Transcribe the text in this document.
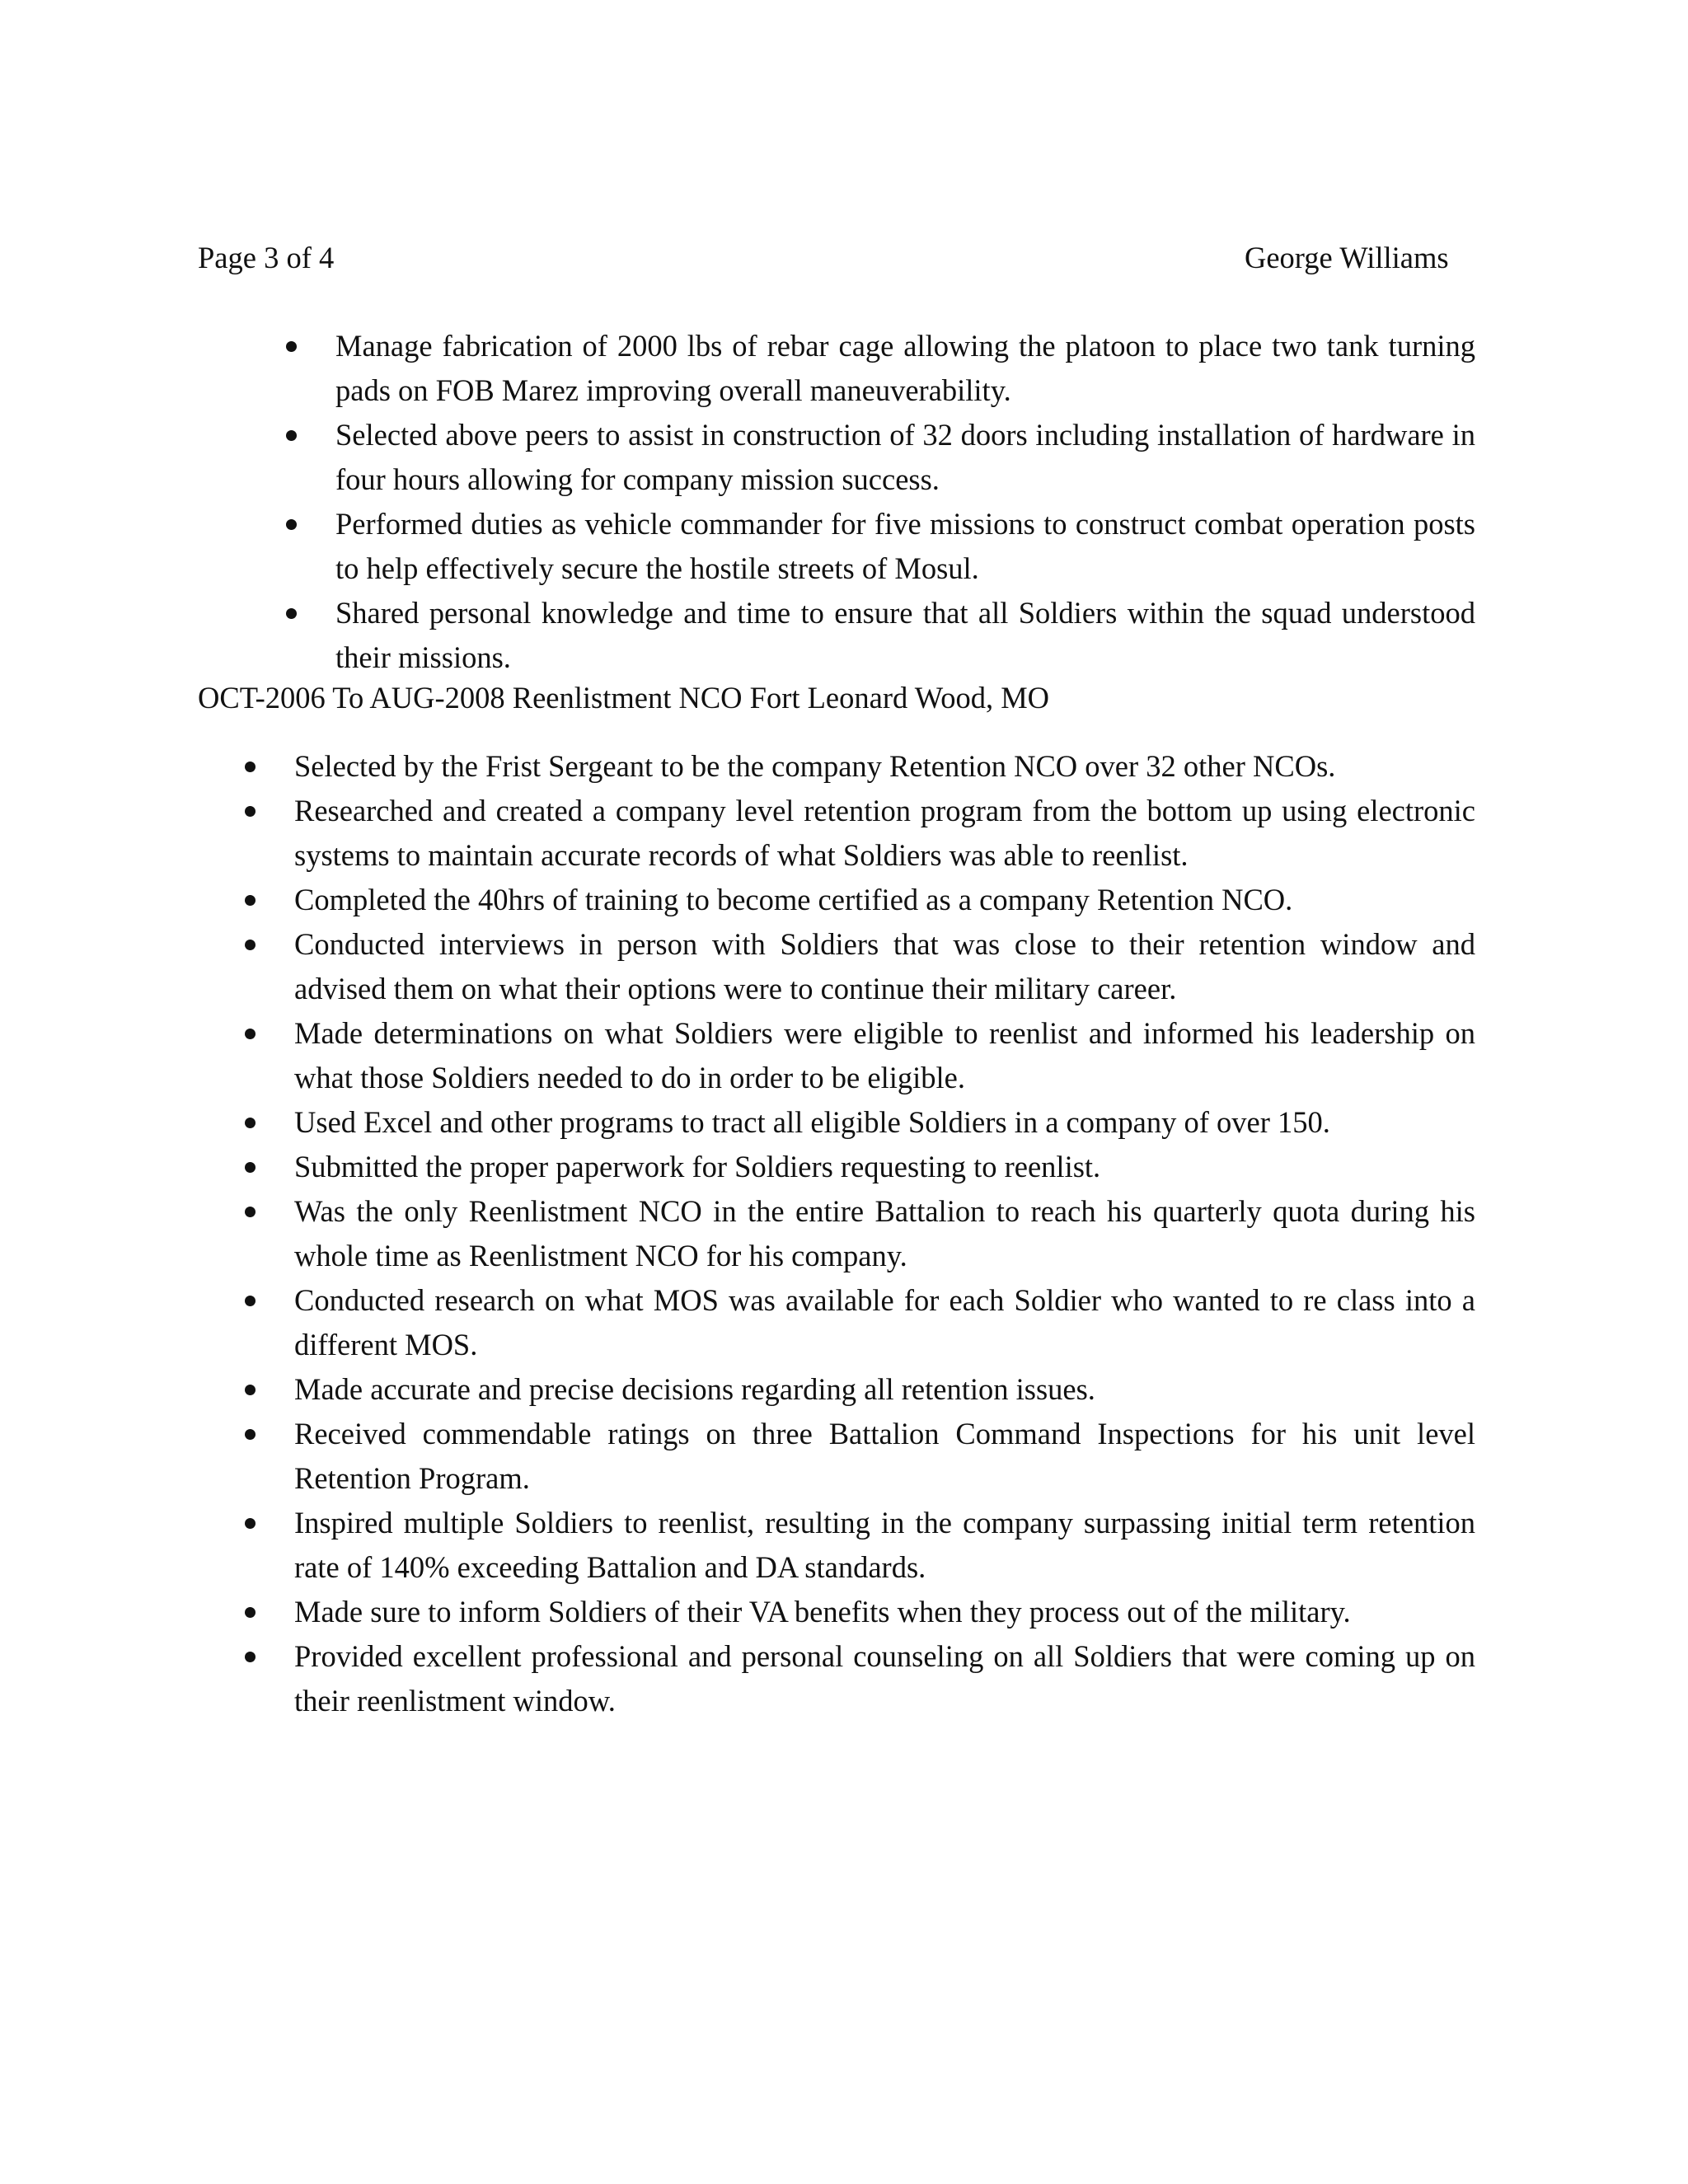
Page 3 of 4	George Williams
Manage fabrication of 2000 lbs of rebar cage allowing the platoon to place two tank turning pads on FOB Marez improving overall maneuverability.
Selected above peers to assist in construction of 32 doors including installation of hardware in four hours allowing for company mission success.
Performed duties as vehicle commander for five missions to construct combat operation posts to help effectively secure the hostile streets of Mosul.
Shared personal knowledge and time to ensure that all Soldiers within the squad understood their missions.
OCT-2006 To AUG-2008 Reenlistment NCO Fort Leonard Wood, MO
Selected by the Frist Sergeant to be the company Retention NCO over 32 other NCOs.
Researched and created a company level retention program from the bottom up using electronic systems to maintain accurate records of what Soldiers was able to reenlist.
Completed the 40hrs of training to become certified as a company Retention NCO.
Conducted interviews in person with Soldiers that was close to their retention window and advised them on what their options were to continue their military career.
Made determinations on what Soldiers were eligible to reenlist and informed his leadership on what those Soldiers needed to do in order to be eligible.
Used Excel and other programs to tract all eligible Soldiers in a company of over 150.
Submitted the proper paperwork for Soldiers requesting to reenlist.
Was the only Reenlistment NCO in the entire Battalion to reach his quarterly quota during his whole time as Reenlistment NCO for his company.
Conducted research on what MOS was available for each Soldier who wanted to re class into a different MOS.
Made accurate and precise decisions regarding all retention issues.
Received commendable ratings on three Battalion Command Inspections for his unit level Retention Program.
Inspired multiple Soldiers to reenlist, resulting in the company surpassing initial term retention rate of 140% exceeding Battalion and DA standards.
Made sure to inform Soldiers of their VA benefits when they process out of the military.
Provided excellent professional and personal counseling on all Soldiers that were coming up on their reenlistment window.
